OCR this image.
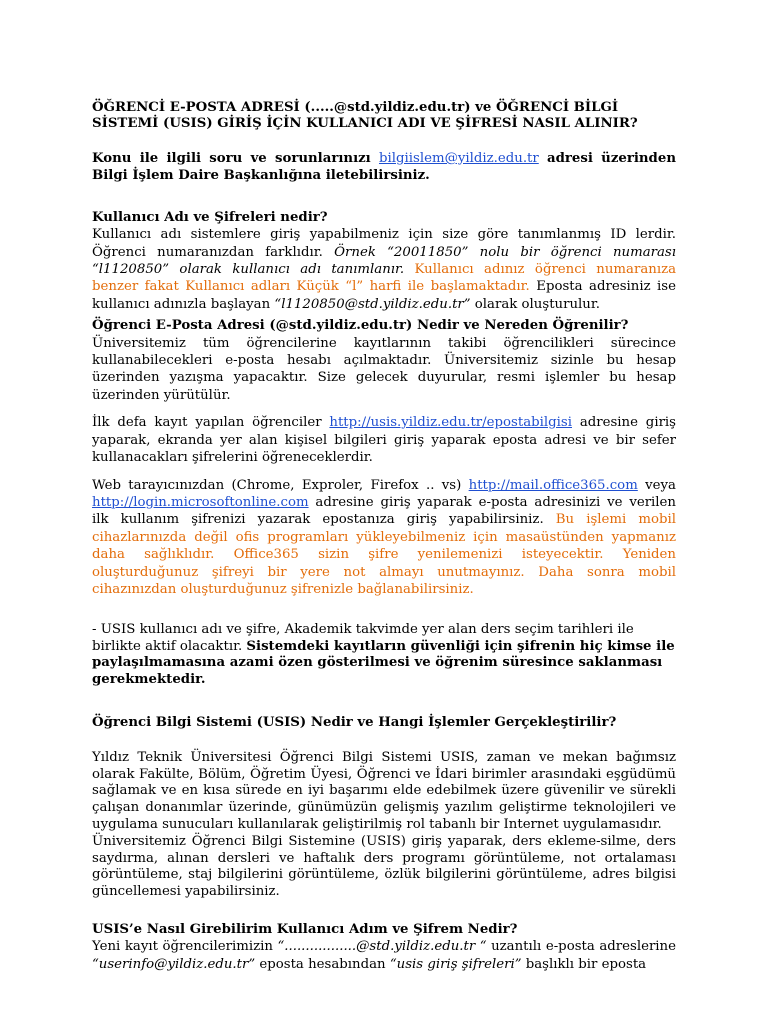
ÖĞRENCİ E-POSTA ADRESİ (.....@std.yildiz.edu.tr) ve ÖĞRENCİ BİLGİ SİSTEMİ (USIS) GİRİŞ İÇİN KULLANICI ADI VE ŞİFRESİ NASIL ALINIR?

Konu ile ilgili soru ve sorunlarınızı bilgiislem@yildiz.edu.tr adresi üzerinden Bilgi İşlem Daire Başkanlığına iletebilirsiniz.

Kullanıcı Adı ve Şifreleri nedir?

Kullanıcı adı sistemlere giriş yapabilmeniz için size göre tanımlanmış ID lerdir. Öğrenci numaranızdan farklıdır. Örnek “20011850” nolu bir öğrenci numarası “l1120850” olarak kullanıcı adı tanımlanır. Kullanıcı adınız öğrenci numaranıza benzer fakat Kullanıcı adları Küçük “l” harfi ile başlamaktadır. Eposta adresiniz ise kullanıcı adınızla başlayan “l1120850@std.yildiz.edu.tr” olarak oluşturulur.

Öğrenci E-Posta Adresi (@std.yildiz.edu.tr) Nedir ve Nereden Öğrenilir?

Üniversitemiz tüm öğrencilerine kayıtlarının takibi öğrencilikleri sürecince kullanabilecekleri e-posta hesabı açılmaktadır. Üniversitemiz sizinle bu hesap üzerinden yazışma yapacaktır. Size gelecek duyurular, resmi işlemler bu hesap üzerinden yürütülür.

İlk defa kayıt yapılan öğrenciler http://usis.yildiz.edu.tr/epostabilgisi adresine giriş yaparak, ekranda yer alan kişisel bilgileri giriş yaparak eposta adresi ve bir sefer kullanacakları şifrelerini öğreneceklerdir.

Web tarayıcınızdan (Chrome, Exproler, Firefox .. vs) http://mail.office365.com veya http://login.microsoftonline.com adresine giriş yaparak e-posta adresinizi ve verilen ilk kullanım şifrenizi yazarak epostanıza giriş yapabilirsiniz. Bu işlemi mobil cihazlarınızda değil ofis programları yükleyebilmeniz için masaüstünden yapmanız daha sağlıklıdır. Office365 sizin şifre yenilemenizi isteyecektir. Yeniden oluşturduğunuz şifreyi bir yere not almayı unutmayınız. Daha sonra mobil cihazınızdan oluşturduğunuz şifrenizle bağlanabilirsiniz.

- USIS kullanıcı adı ve şifre, Akademik takvimde yer alan ders seçim tarihleri ile birlikte aktif olacaktır. Sistemdeki kayıtların güvenliği için şifrenin hiç kimse ile paylaşılmamasına azami özen gösterilmesi ve öğrenim süresince saklanması gerekmektedir.

Öğrenci Bilgi Sistemi (USIS) Nedir ve Hangi İşlemler Gerçekleştirilir?

Yıldız Teknik Üniversitesi Öğrenci Bilgi Sistemi USIS, zaman ve mekan bağımsız olarak Fakülte, Bölüm, Öğretim Üyesi, Öğrenci ve İdari birimler arasındaki eşgüdümü sağlamak ve en kısa sürede en iyi başarımı elde edebilmek üzere güvenilir ve sürekli çalışan donanımlar üzerinde, günümüzün gelişmiş yazılım geliştirme teknolojileri ve uygulama sunucuları kullanılarak geliştirilmiş rol tabanlı bir Internet uygulamasıdır.

Üniversitemiz Öğrenci Bilgi Sistemine (USIS) giriş yaparak, ders ekleme-silme, ders saydırma, alınan dersleri ve haftalık ders programı görüntüleme, not ortalaması görüntüleme, staj bilgilerini görüntüleme, özlük bilgilerini görüntüleme, adres bilgisi güncellemesi yapabilirsiniz.

USIS’e Nasıl Girebilirim Kullanıcı Adım ve Şifrem Nedir?

Yeni kayıt öğrencilerimizin “.................@std.yildiz.edu.tr “ uzantılı e-posta adreslerine “userinfo@yildiz.edu.tr” eposta hesabından “usis giriş şifreleri” başlıklı bir eposta
